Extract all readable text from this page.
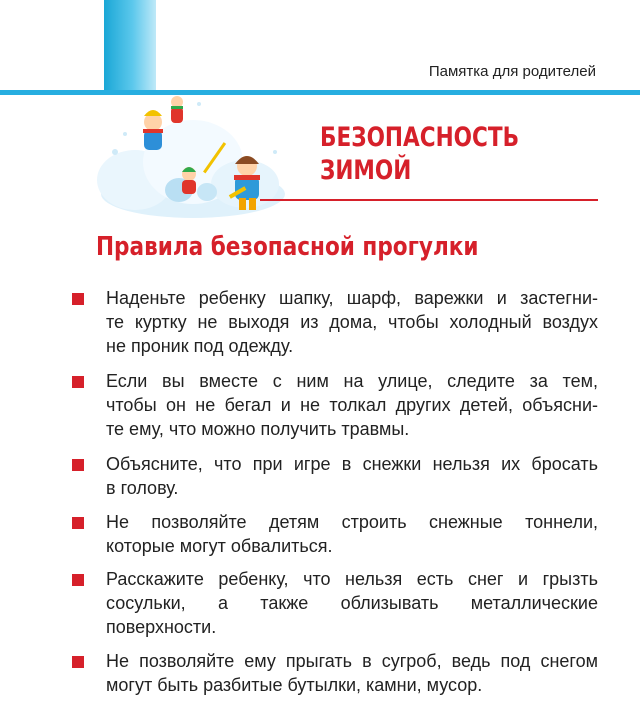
Памятка для родителей
БЕЗОПАСНОСТЬ
ЗИМОЙ
Правила безопасной прогулки
Наденьте ребенку шапку, шарф, варежки и застегни-
те куртку не выходя из дома, чтобы холодный воздух
не проник под одежду.
Если вы вместе с ним на улице, следите за тем,
чтобы он не бегал и не толкал других детей, объясни-
те ему, что можно получить травмы.
Объясните, что при игре в снежки нельзя их бросать
в голову.
Не позволяйте детям строить снежные тоннели,
которые могут обвалиться.
Расскажите ребенку, что нельзя есть снег и грызть
сосульки, а также облизывать металлические
поверхности.
Не позволяйте ему прыгать в сугроб, ведь под снегом
могут быть разбитые бутылки, камни, мусор.
